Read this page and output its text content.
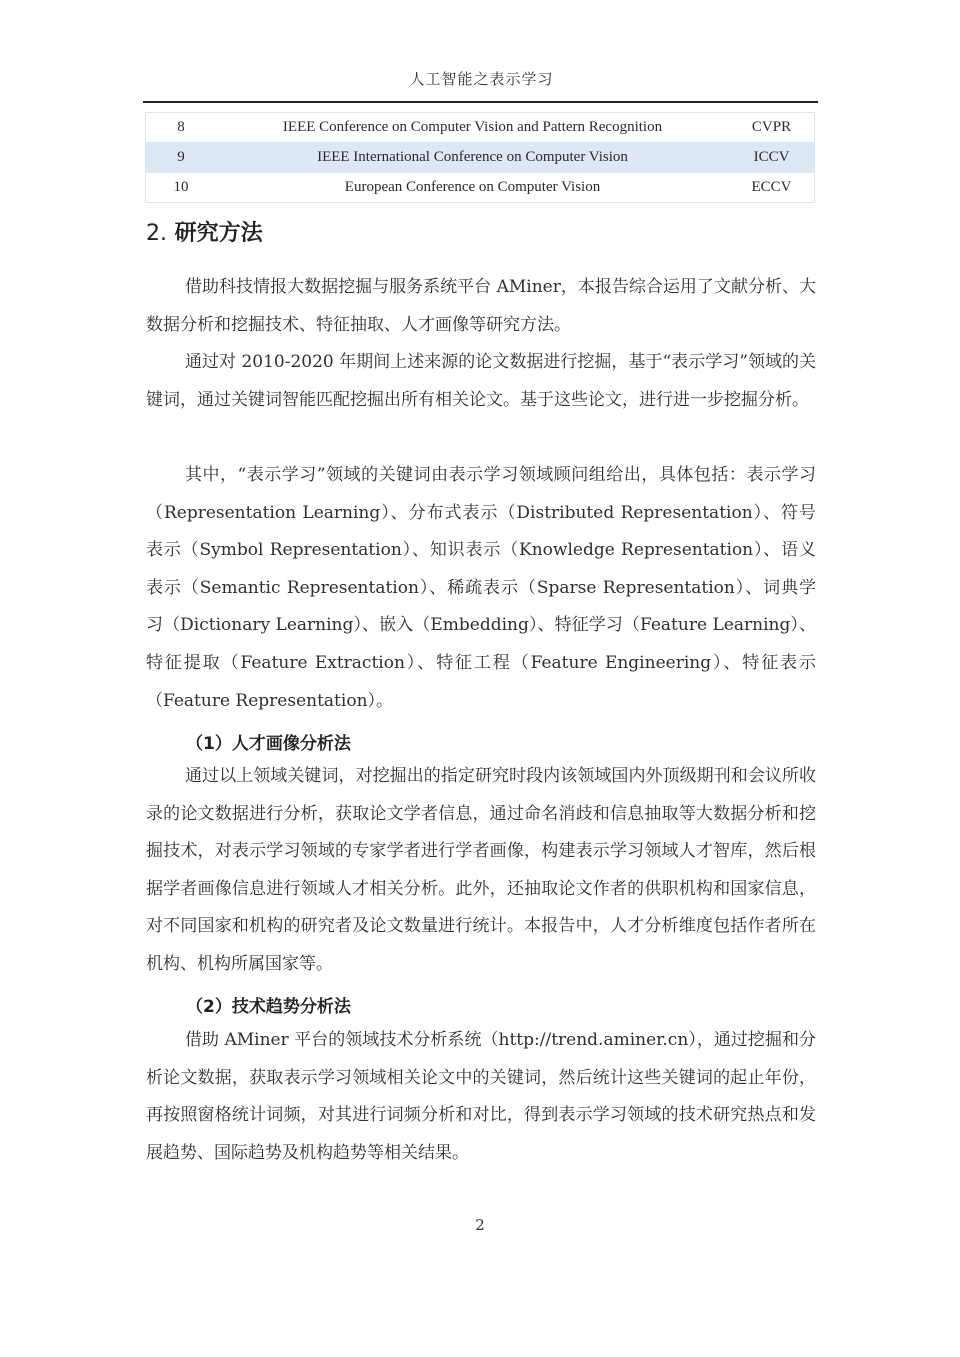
人工智能之表示学习
8	IEEE Conference on Computer Vision and Pattern Recognition	CVPR
9	IEEE International Conference on Computer Vision	ICCV
10	European Conference on Computer Vision	ECCV
2. 研究方法

借助科技情报大数据挖掘与服务系统平台 AMiner，本报告综合运用了文献分析、大数据分析和挖掘技术、特征抽取、人才画像等研究方法。

通过对 2010-2020 年期间上述来源的论文数据进行挖掘，基于“表示学习”领域的关键词，通过关键词智能匹配挖掘出所有相关论文。基于这些论文，进行进一步挖掘分析。

其中，“表示学习”领域的关键词由表示学习领域顾问组给出，具体包括：表示学习（Representation Learning）、分布式表示（Distributed Representation）、符号表示（Symbol Representation）、知识表示（Knowledge Representation）、语义表示（Semantic Representation）、稀疏表示（Sparse Representation）、词典学习（Dictionary Learning）、嵌入（Embedding）、特征学习（Feature Learning）、特征提取（Feature Extraction）、特征工程（Feature Engineering）、特征表示（Feature Representation）。

（1）人才画像分析法

通过以上领域关键词，对挖掘出的指定研究时段内该领域国内外顶级期刊和会议所收录的论文数据进行分析，获取论文学者信息，通过命名消歧和信息抽取等大数据分析和挖掘技术，对表示学习领域的专家学者进行学者画像，构建表示学习领域人才智库，然后根据学者画像信息进行领域人才相关分析。此外，还抽取论文作者的供职机构和国家信息，对不同国家和机构的研究者及论文数量进行统计。本报告中，人才分析维度包括作者所在机构、机构所属国家等。

（2）技术趋势分析法

借助 AMiner 平台的领域技术分析系统（http://trend.aminer.cn），通过挖掘和分析论文数据，获取表示学习领域相关论文中的关键词，然后统计这些关键词的起止年份，再按照窗格统计词频，对其进行词频分析和对比，得到表示学习领域的技术研究热点和发展趋势、国际趋势及机构趋势等相关结果。

2
